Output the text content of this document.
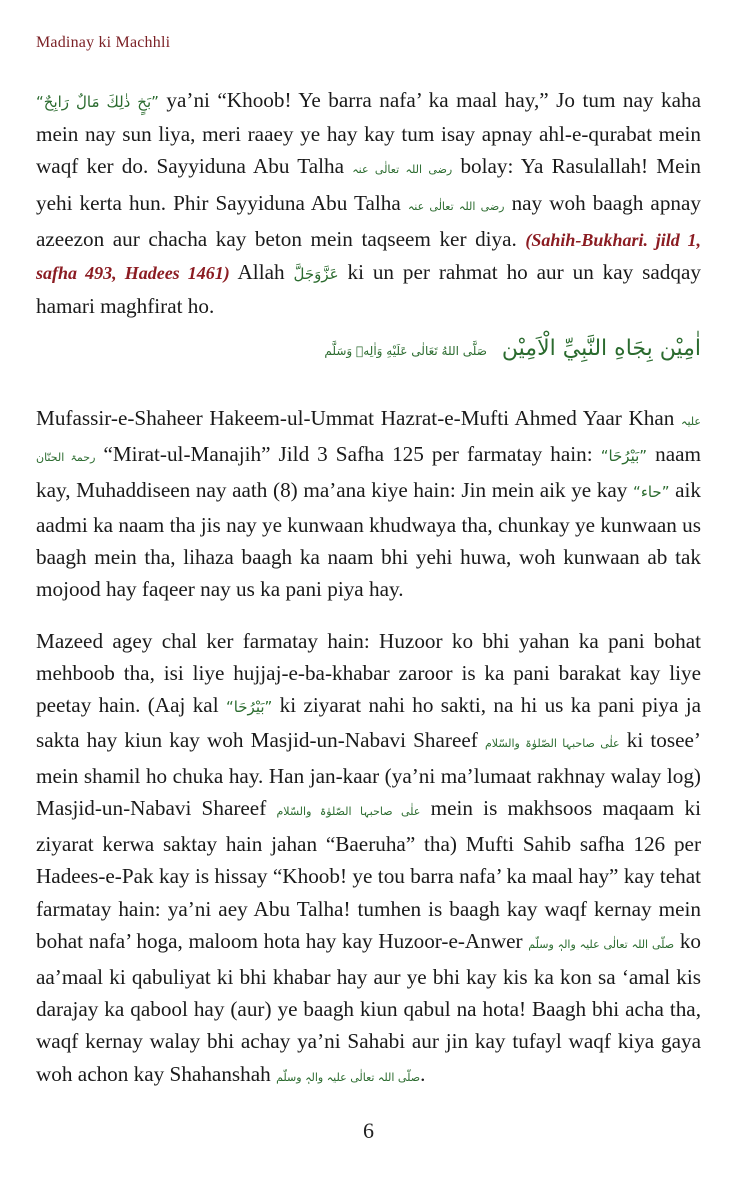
Madinay ki Machhli

“بَخٍ ذٰلِكَ مَالٌ رَابِحٌ” ya’ni “Khoob! Ye barra nafa’ ka maal hay,” Jo tum nay kaha mein nay sun liya, meri raaey ye hay kay tum isay apnay ahl-e-qurabat mein waqf ker do. Sayyiduna Abu Talha رضی اللہ تعالٰی عنہ bolay: Ya Rasulallah! Mein yehi kerta hun. Phir Sayyiduna Abu Talha رضی اللہ تعالٰی عنہ nay woh baagh apnay azeezon aur chacha kay beton mein taqseem ker diya. (Sahih-Bukhari. jild 1, safha 493, Hadees 1461) Allah عَزَّوَجَلَّ ki un per rahmat ho aur un kay sadqay hamari maghfirat ho.

اٰمِيْن بِجَاهِ النَّبِيِّ الْاَمِيْن صَلَّى اللهُ تَعَالٰى عَلَيْهِ وَاٰلِهٖ وَسَلَّم

Mufassir-e-Shaheer Hakeem-ul-Ummat Hazrat-e-Mufti Ahmed Yaar Khan علیہ رحمۃ الحنّان “Mirat-ul-Manajih” Jild 3 Safha 125 per farmatay hain: “بَيْرُحَا” naam kay, Muhaddiseen nay aath (8) ma’ana kiye hain: Jin mein aik ye kay “حاء” aik aadmi ka naam tha jis nay ye kunwaan khudwaya tha, chunkay ye kunwaan us baagh mein tha, lihaza baagh ka naam bhi yehi huwa, woh kunwaan ab tak mojood hay faqeer nay us ka pani piya hay.

Mazeed agey chal ker farmatay hain: Huzoor ko bhi yahan ka pani bohat mehboob tha, isi liye hujjaj-e-ba-khabar zaroor is ka pani barakat kay liye peetay hain. (Aaj kal “بَيْرُحَا” ki ziyarat nahi ho sakti, na hi us ka pani piya ja sakta hay kiun kay woh Masjid-un-Nabavi Shareef علٰی صاحبہا الصّلوٰۃ والسّلام ki tosee’ mein shamil ho chuka hay. Han jan-kaar (ya’ni ma’lumaat rakhnay walay log) Masjid-un-Nabavi Shareef علٰی صاحبہا الصّلوٰۃ والسّلام mein is makhsoos maqaam ki ziyarat kerwa saktay hain jahan “Baeruha” tha) Mufti Sahib safha 126 per Hadees-e-Pak kay is hissay “Khoob! ye tou barra nafa’ ka maal hay” kay tehat farmatay hain: ya’ni aey Abu Talha! tumhen is baagh kay waqf kernay mein bohat nafa’ hoga, maloom hota hay kay Huzoor-e-Anwer صلّی اللہ تعالٰی علیہ والہٖ وسلّم ko aa’maal ki qabuliyat ki bhi khabar hay aur ye bhi kay kis ka kon sa ‘amal kis darajay ka qabool hay (aur) ye baagh kiun qabul na hota! Baagh bhi acha tha, waqf kernay walay bhi achay ya’ni Sahabi aur jin kay tufayl waqf kiya gaya woh achon kay Shahanshah صلّی اللہ تعالٰی علیہ والہٖ وسلّم.

6
